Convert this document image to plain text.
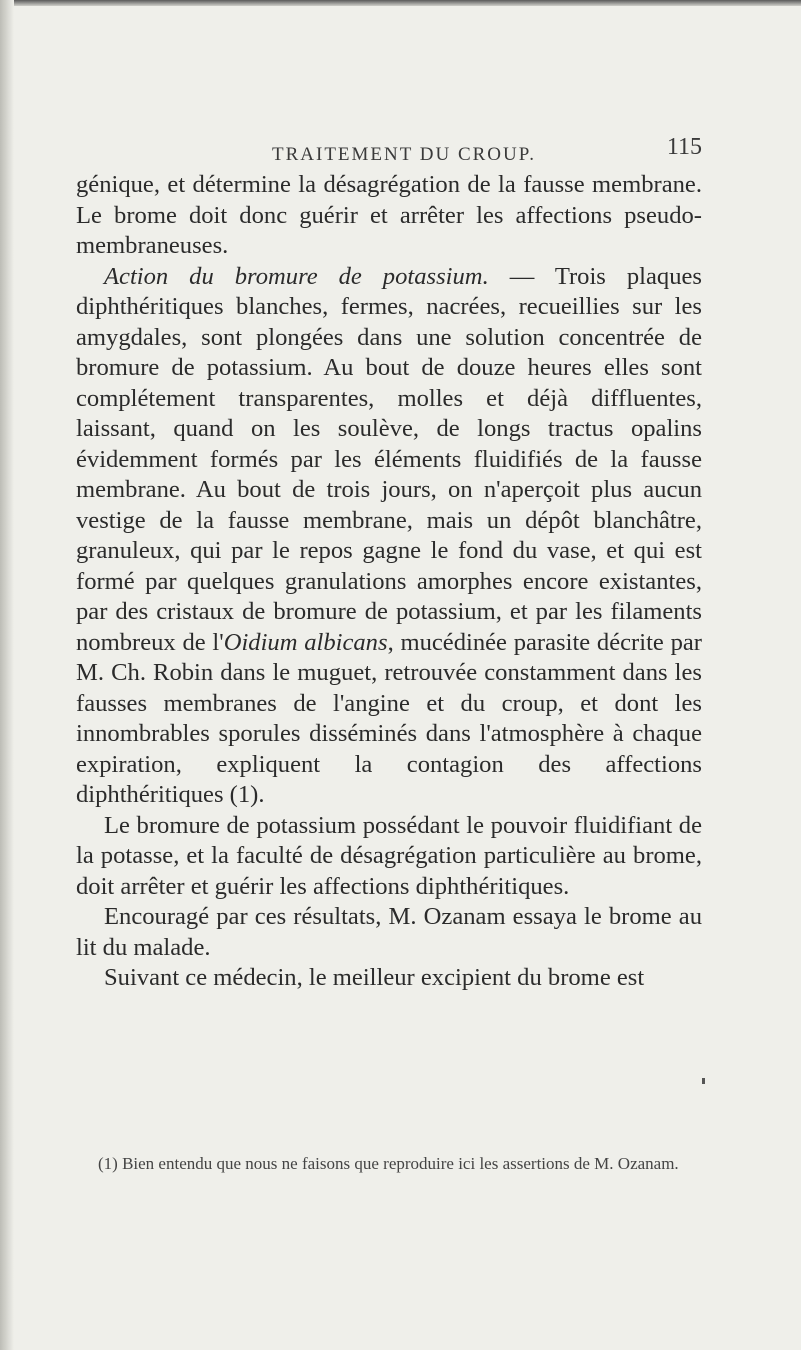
TRAITEMENT DU CROUP.	115

génique, et détermine la désagrégation de la fausse membrane. Le brome doit donc guérir et arrêter les affections pseudo-membraneuses.

Action du bromure de potassium. — Trois plaques diphthéritiques blanches, fermes, nacrées, recueillies sur les amygdales, sont plongées dans une solution concentrée de bromure de potassium. Au bout de douze heures elles sont complétement transparentes, molles et déjà diffluentes, laissant, quand on les soulève, de longs tractus opalins évidemment formés par les éléments fluidifiés de la fausse membrane. Au bout de trois jours, on n'aperçoit plus aucun vestige de la fausse membrane, mais un dépôt blanchâtre, granuleux, qui par le repos gagne le fond du vase, et qui est formé par quelques granulations amorphes encore existantes, par des cristaux de bromure de potassium, et par les filaments nombreux de l'Oidium albicans, mucédinée parasite décrite par M. Ch. Robin dans le muguet, retrouvée constamment dans les fausses membranes de l'angine et du croup, et dont les innombrables sporules disséminés dans l'atmosphère à chaque expiration, expliquent la contagion des affections diphthéritiques (1).

Le bromure de potassium possédant le pouvoir fluidifiant de la potasse, et la faculté de désagrégation particulière au brome, doit arrêter et guérir les affections diphthéritiques.

Encouragé par ces résultats, M. Ozanam essaya le brome au lit du malade.

Suivant ce médecin, le meilleur excipient du brome est

(1) Bien entendu que nous ne faisons que reproduire ici les assertions de M. Ozanam.
